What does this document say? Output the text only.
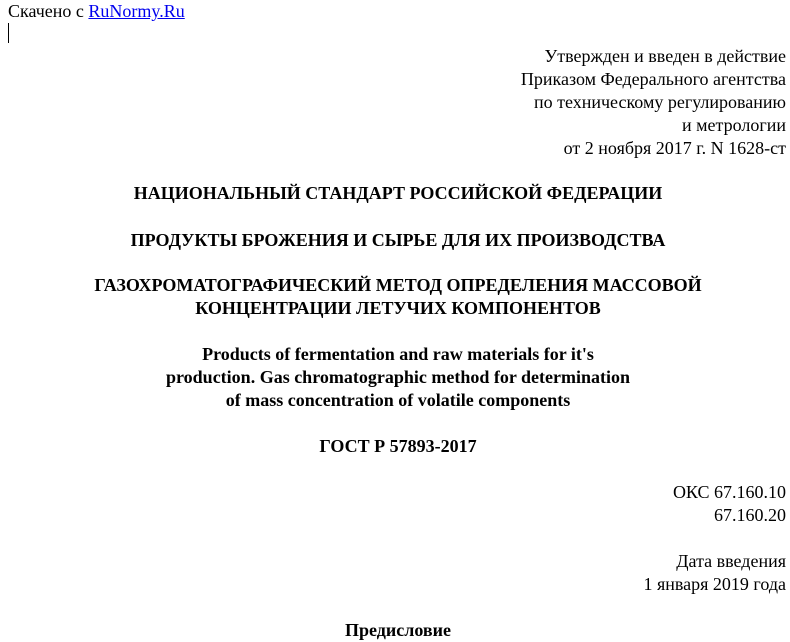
Скачено с RuNormy.Ru
Утвержден и введен в действие
Приказом Федерального агентства
по техническому регулированию
и метрологии
от 2 ноября 2017 г. N 1628-ст
НАЦИОНАЛЬНЫЙ СТАНДАРТ РОССИЙСКОЙ ФЕДЕРАЦИИ
ПРОДУКТЫ БРОЖЕНИЯ И СЫРЬЕ ДЛЯ ИХ ПРОИЗВОДСТВА
ГАЗОХРОМАТОГРАФИЧЕСКИЙ МЕТОД ОПРЕДЕЛЕНИЯ МАССОВОЙ
КОНЦЕНТРАЦИИ ЛЕТУЧИХ КОМПОНЕНТОВ
Products of fermentation and raw materials for it's
production. Gas chromatographic method for determination
of mass concentration of volatile components
ГОСТ Р 57893-2017
ОКС 67.160.10
67.160.20
Дата введения
1 января 2019 года
Предисловие
